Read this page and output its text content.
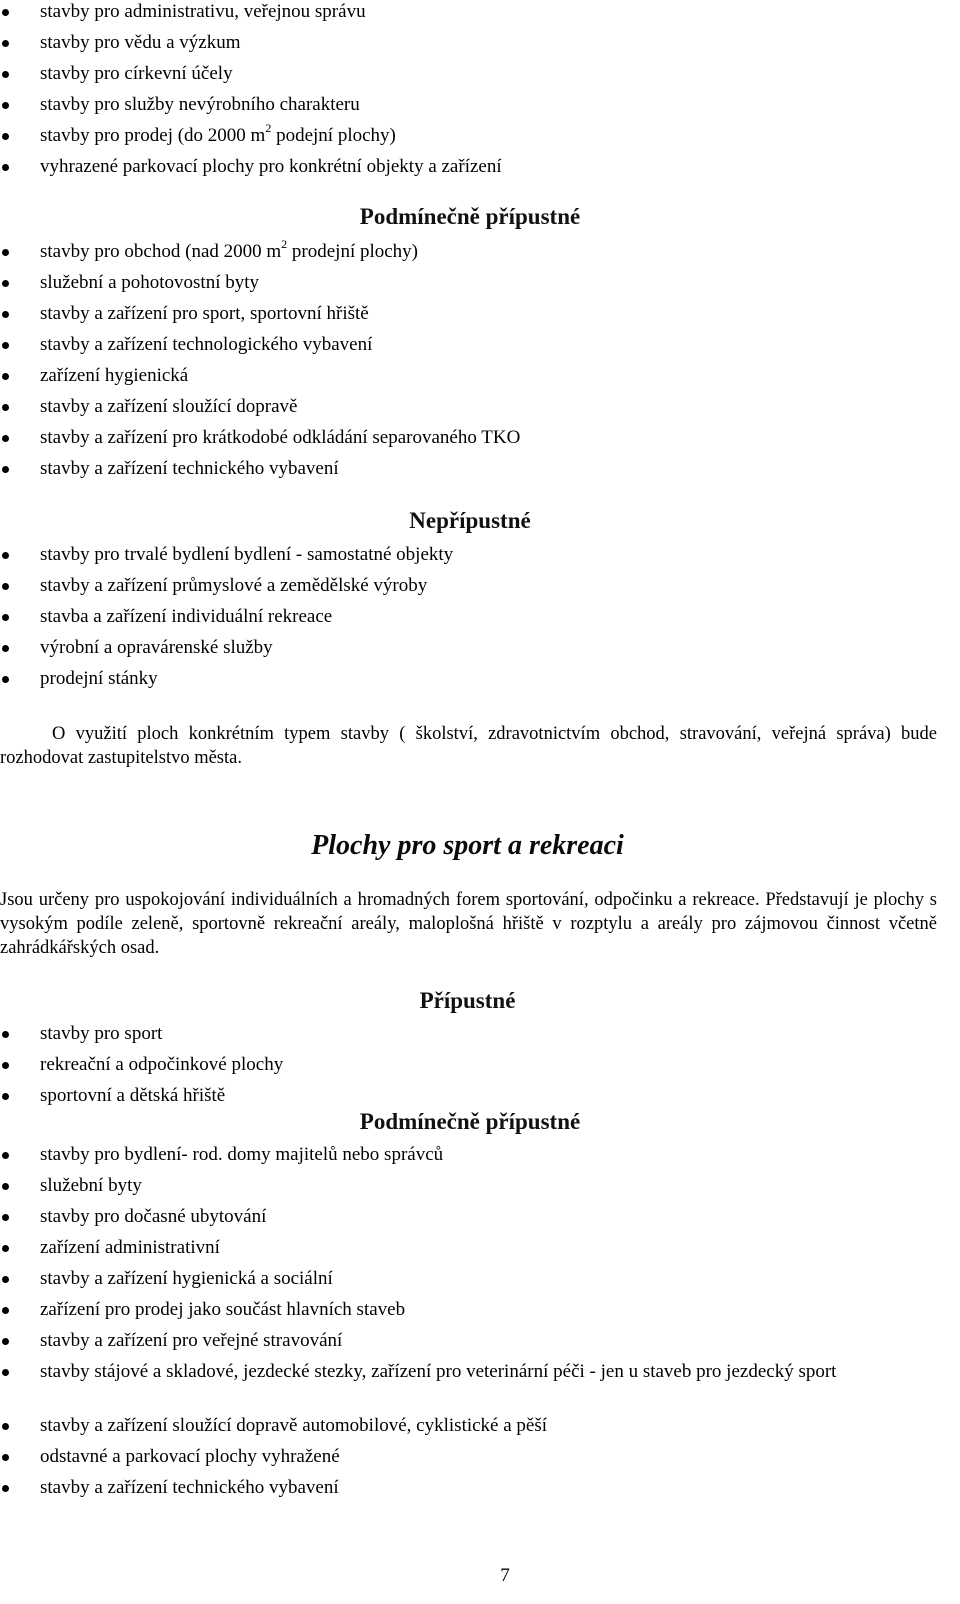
stavby pro administrativu, veřejnou správu
stavby pro vědu a výzkum
stavby pro církevní účely
stavby pro služby nevýrobního charakteru
stavby pro prodej (do 2000 $m^2$ podejní plochy)
vyhrazené parkovací plochy pro konkrétní objekty a zařízení
Podmínečně přípustné
stavby pro obchod (nad 2000 $m^2$ prodejní plochy)
služební a pohotovostní byty
stavby a zařízení pro sport, sportovní hřiště
stavby a zařízení technologického vybavení
zařízení hygienická
stavby a zařízení sloužící dopravě
stavby a zařízení pro krátkodobé odkládání separovaného TKO
stavby a zařízení technického vybavení
Nepřípustné
stavby pro trvalé bydlení bydlení - samostatné objekty
stavby a zařízení průmyslové a zemědělské výroby
stavba a zařízení individuální rekreace
výrobní a opravárenské služby
prodejní stánky

O využití ploch konkrétním typem stavby ( školství, zdravotnictvím obchod, stravování, veřejná správa) bude rozhodovat zastupitelstvo města.

Plochy pro sport a rekreaci

Jsou určeny pro uspokojování individuálních a hromadných forem sportování, odpočinku a rekreace. Představují je plochy s vysokým podíle zeleně, sportovně rekreační areály, maloplošná hřiště v rozptylu a areály pro zájmovou činnost včetně zahrádkářských osad.

Přípustné
stavby pro sport
rekreační a odpočinkové plochy
sportovní a dětská hřiště
Podmínečně přípustné
stavby pro bydlení- rod. domy majitelů nebo správců
služební byty
stavby pro dočasné ubytování
zařízení administrativní
stavby a zařízení hygienická a sociální
zařízení pro prodej jako součást hlavních staveb
stavby a zařízení pro veřejné stravování
stavby stájové a skladové, jezdecké stezky, zařízení pro veterinární péči - jen u staveb pro jezdecký sport
stavby a zařízení sloužící dopravě automobilové, cyklistické a pěší
odstavné a parkovací plochy vyhražené
stavby a zařízení technického vybavení
7
